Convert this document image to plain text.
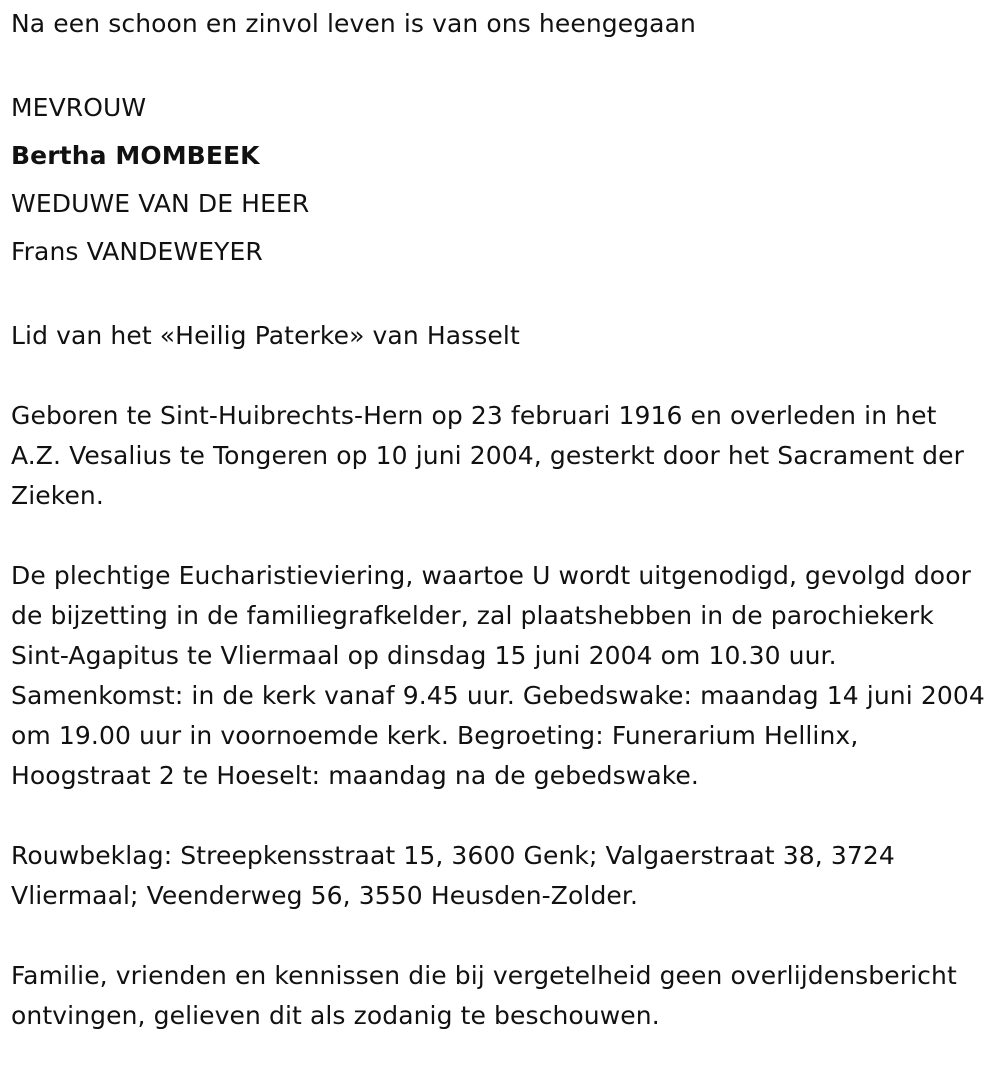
Na een schoon en zinvol leven is van ons heengegaan

MEVROUW

Bertha MOMBEEK

WEDUWE VAN DE HEER

Frans VANDEWEYER

Lid van het «Heilig Paterke» van Hasselt

Geboren te Sint-Huibrechts-Hern op 23 februari 1916 en overleden in het A.Z. Vesalius te Tongeren op 10 juni 2004, gesterkt door het Sacrament der Zieken.

De plechtige Eucharistieviering, waartoe U wordt uitgenodigd, gevolgd door de bijzetting in de familiegrafkelder, zal plaatshebben in de parochiekerk Sint-Agapitus te Vliermaal op dinsdag 15 juni 2004 om 10.30 uur. Samenkomst: in de kerk vanaf 9.45 uur. Gebedswake: maandag 14 juni 2004 om 19.00 uur in voornoemde kerk. Begroeting: Funerarium Hellinx, Hoogstraat 2 te Hoeselt: maandag na de gebedswake.

Rouwbeklag: Streepkensstraat 15, 3600 Genk; Valgaerstraat 38, 3724 Vliermaal; Veenderweg 56, 3550 Heusden-Zolder.

Familie, vrienden en kennissen die bij vergetelheid geen overlijdensbericht ontvingen, gelieven dit als zodanig te beschouwen.
